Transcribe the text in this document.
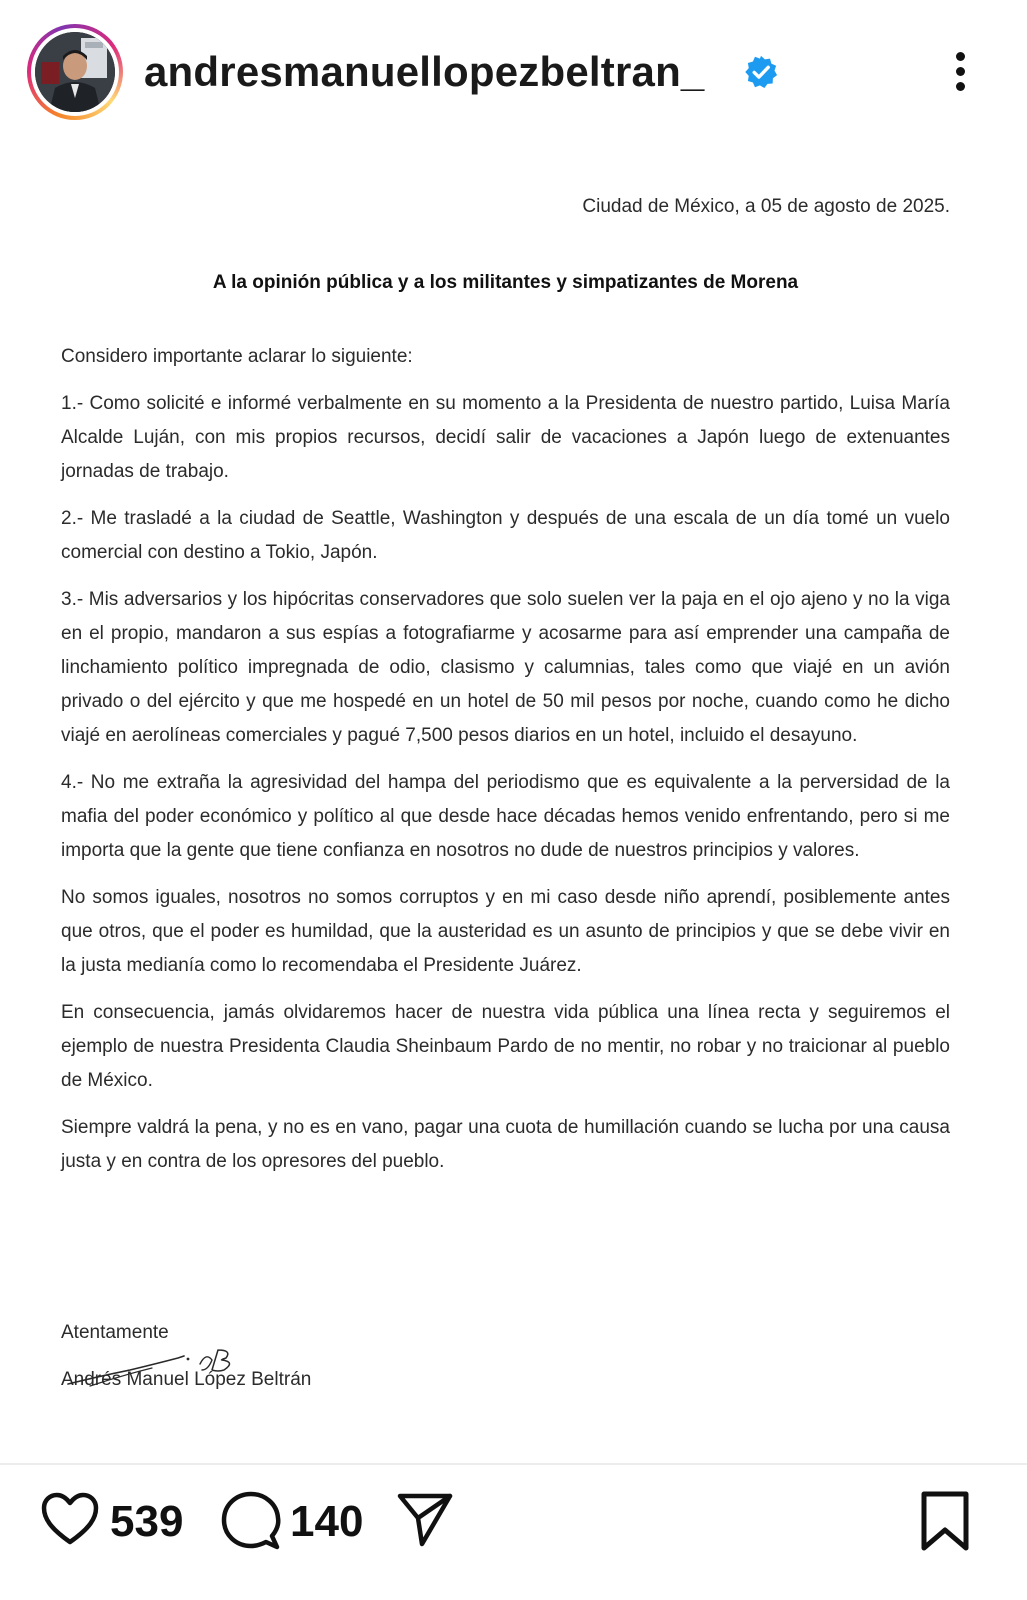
andresmanuellopezbeltran_

Ciudad de México, a 05 de agosto de 2025.

A la opinión pública y a los militantes y simpatizantes de Morena

Considero importante aclarar lo siguiente:

1.- Como solicité e informé verbalmente en su momento a la Presidenta de nuestro partido, Luisa María Alcalde Luján, con mis propios recursos, decidí salir de vacaciones a Japón luego de extenuantes jornadas de trabajo.

2.- Me trasladé a la ciudad de Seattle, Washington y después de una escala de un día tomé un vuelo comercial con destino a Tokio, Japón.

3.- Mis adversarios y los hipócritas conservadores que solo suelen ver la paja en el ojo ajeno y no la viga en el propio, mandaron a sus espías a fotografiarme y acosarme para así emprender una campaña de linchamiento político impregnada de odio, clasismo y calumnias, tales como que viajé en un avión privado o del ejército y que me hospedé en un hotel de 50 mil pesos por noche, cuando como he dicho viajé en aerolíneas comerciales y pagué 7,500 pesos diarios en un hotel, incluido el desayuno.

4.- No me extraña la agresividad del hampa del periodismo que es equivalente a la perversidad de la mafia del poder económico y político al que desde hace décadas hemos venido enfrentando, pero si me importa que la gente que tiene confianza en nosotros no dude de nuestros principios y valores.

No somos iguales, nosotros no somos corruptos y en mi caso desde niño aprendí, posiblemente antes que otros, que el poder es humildad, que la austeridad es un asunto de principios y que se debe vivir en la justa medianía como lo recomendaba el Presidente Juárez.

En consecuencia, jamás olvidaremos hacer de nuestra vida pública una línea recta y seguiremos el ejemplo de nuestra Presidenta Claudia Sheinbaum Pardo de no mentir, no robar y no traicionar al pueblo de México.

Siempre valdrá la pena, y no es en vano, pagar una cuota de humillación cuando se lucha por una causa justa y en contra de los opresores del pueblo.

Atentamente
Andrés Manuel López Beltrán
539 140
